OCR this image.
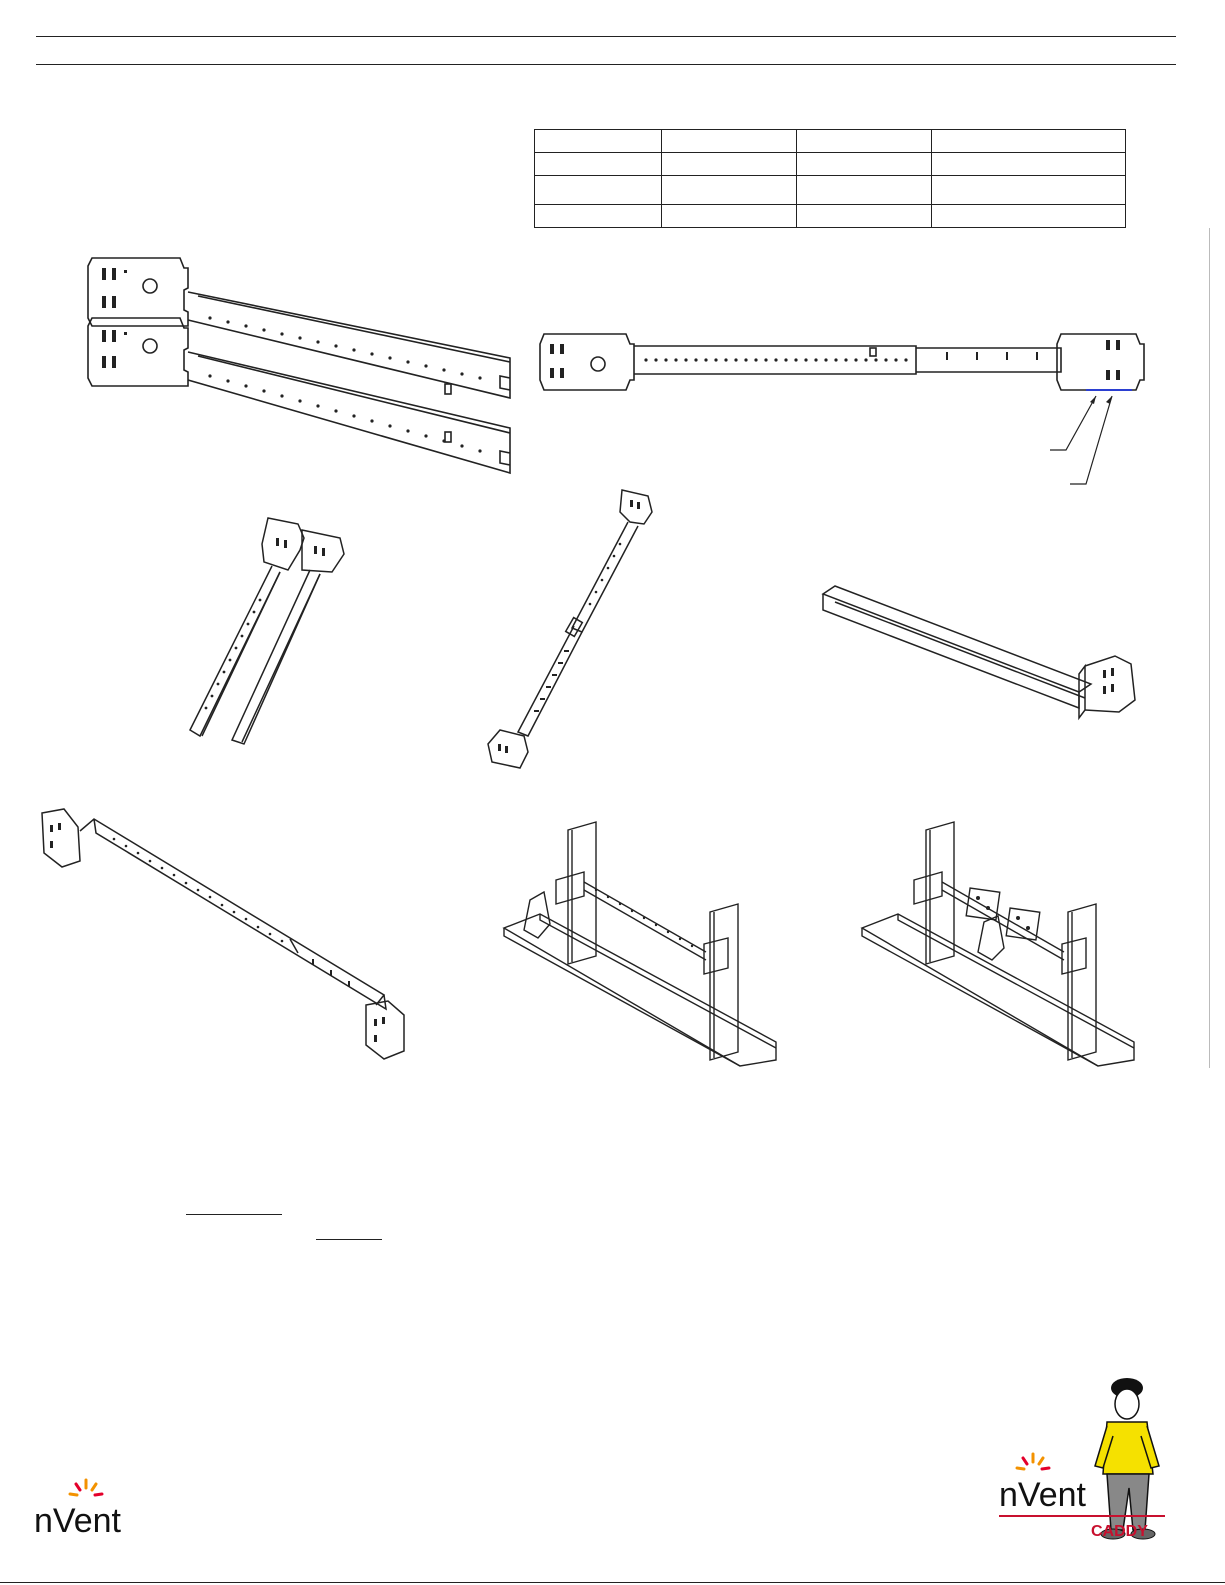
nVent
nVent
CADDY
